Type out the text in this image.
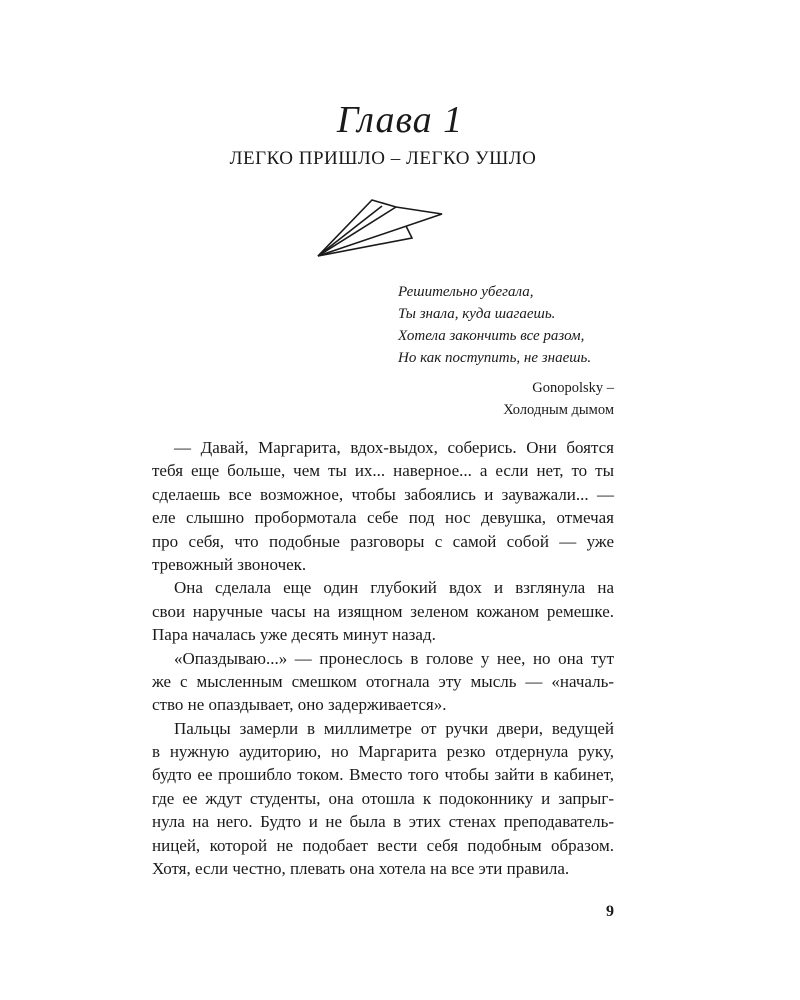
Глава 1
ЛЕГКО ПРИШЛО – ЛЕГКО УШЛО
Решительно убегала,
Ты знала, куда шагаешь.
Хотела закончить все разом,
Но как поступить, не знаешь.
Gonopolsky –
Холодным дымом
— Давай, Маргарита, вдох-выдох, соберись. Они боятся
тебя еще больше, чем ты их... наверное... а если нет, то ты
сделаешь все возможное, чтобы забоялись и зауважали... —
еле слышно пробормотала себе под нос девушка, отмечая
про себя, что подобные разговоры с самой собой — уже
тревожный звоночек.
Она сделала еще один глубокий вдох и взглянула на
свои наручные часы на изящном зеленом кожаном ремешке.
Пара началась уже десять минут назад.
«Опаздываю...» — пронеслось в голове у нее, но она тут
же с мысленным смешком отогнала эту мысль — «началь-
ство не опаздывает, оно задерживается».
Пальцы замерли в миллиметре от ручки двери, ведущей
в нужную аудиторию, но Маргарита резко отдернула руку,
будто ее прошибло током. Вместо того чтобы зайти в кабинет,
где ее ждут студенты, она отошла к подоконнику и запрыг-
нула на него. Будто и не была в этих стенах преподаватель-
ницей, которой не подобает вести себя подобным образом.
Хотя, если честно, плевать она хотела на все эти правила.
9
